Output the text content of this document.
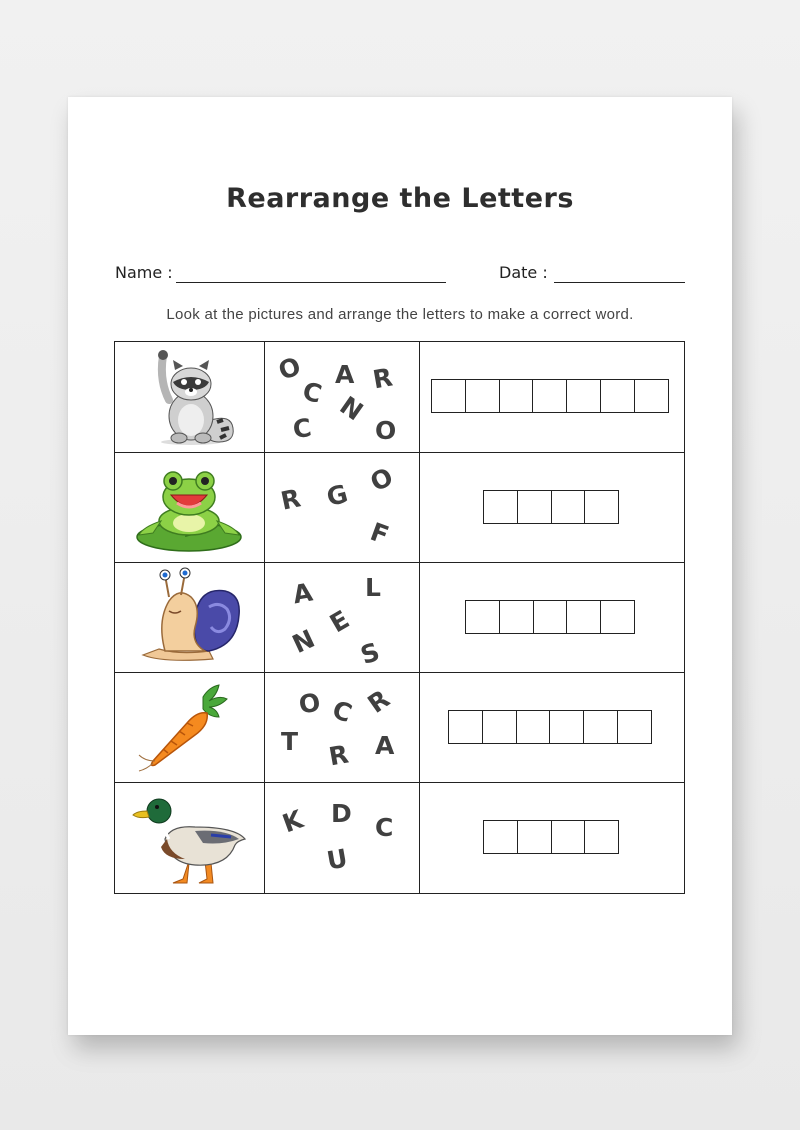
Rearrange the Letters
Name :	Date :
Look at the pictures and arrange the letters to make a correct word.
O
C
A R
C
N
O
R G O
F
A L
N
E
S
O C R
T R A
K D C
U
